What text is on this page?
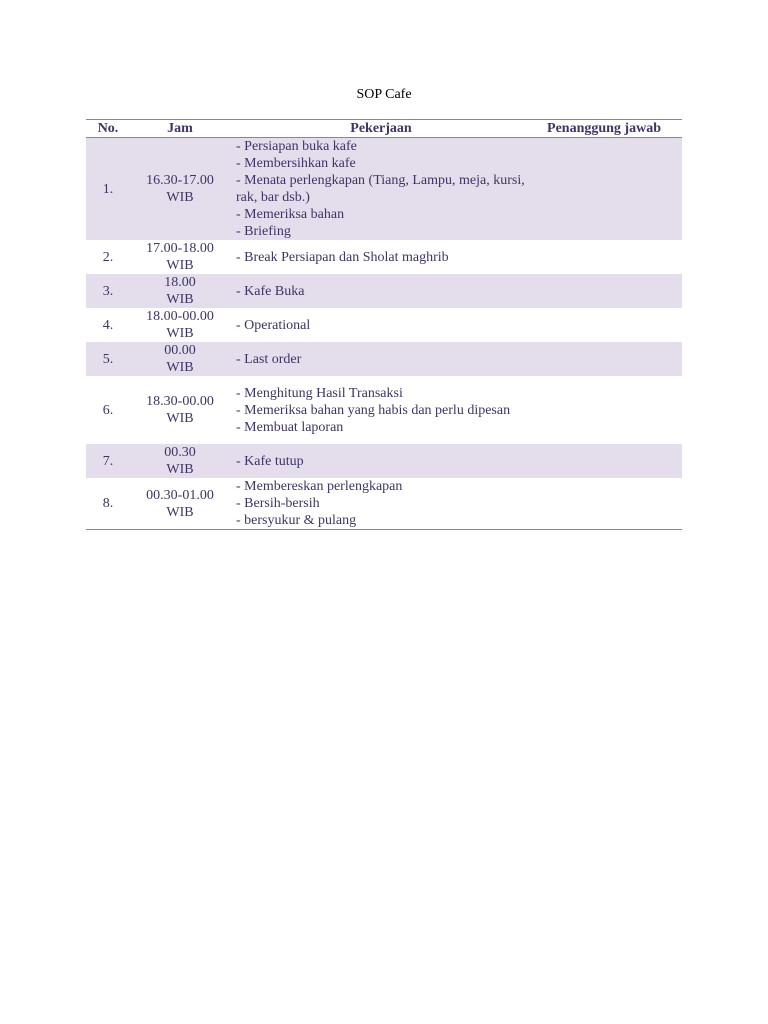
SOP Cafe
No.	Jam	Pekerjaan	Penanggung jawab
1.	16.30-17.00
WIB	- Persiapan buka kafe
- Membersihkan kafe
- Menata perlengkapan (Tiang, Lampu, meja, kursi, rak, bar dsb.)
- Memeriksa bahan
- Briefing	

2.	17.00-18.00
WIB	- Break Persiapan dan Sholat maghrib	

3.	18.00
WIB	- Kafe Buka	

4.	18.00-00.00
WIB	- Operational	

5.	00.00
WIB	- Last order	

6.	18.30-00.00
WIB	- Menghitung Hasil Transaksi
- Memeriksa bahan yang habis dan perlu dipesan
- Membuat laporan	

7.	00.30
WIB	- Kafe tutup	

8.	00.30-01.00
WIB	- Membereskan perlengkapan
- Bersih-bersih
- bersyukur & pulang	
